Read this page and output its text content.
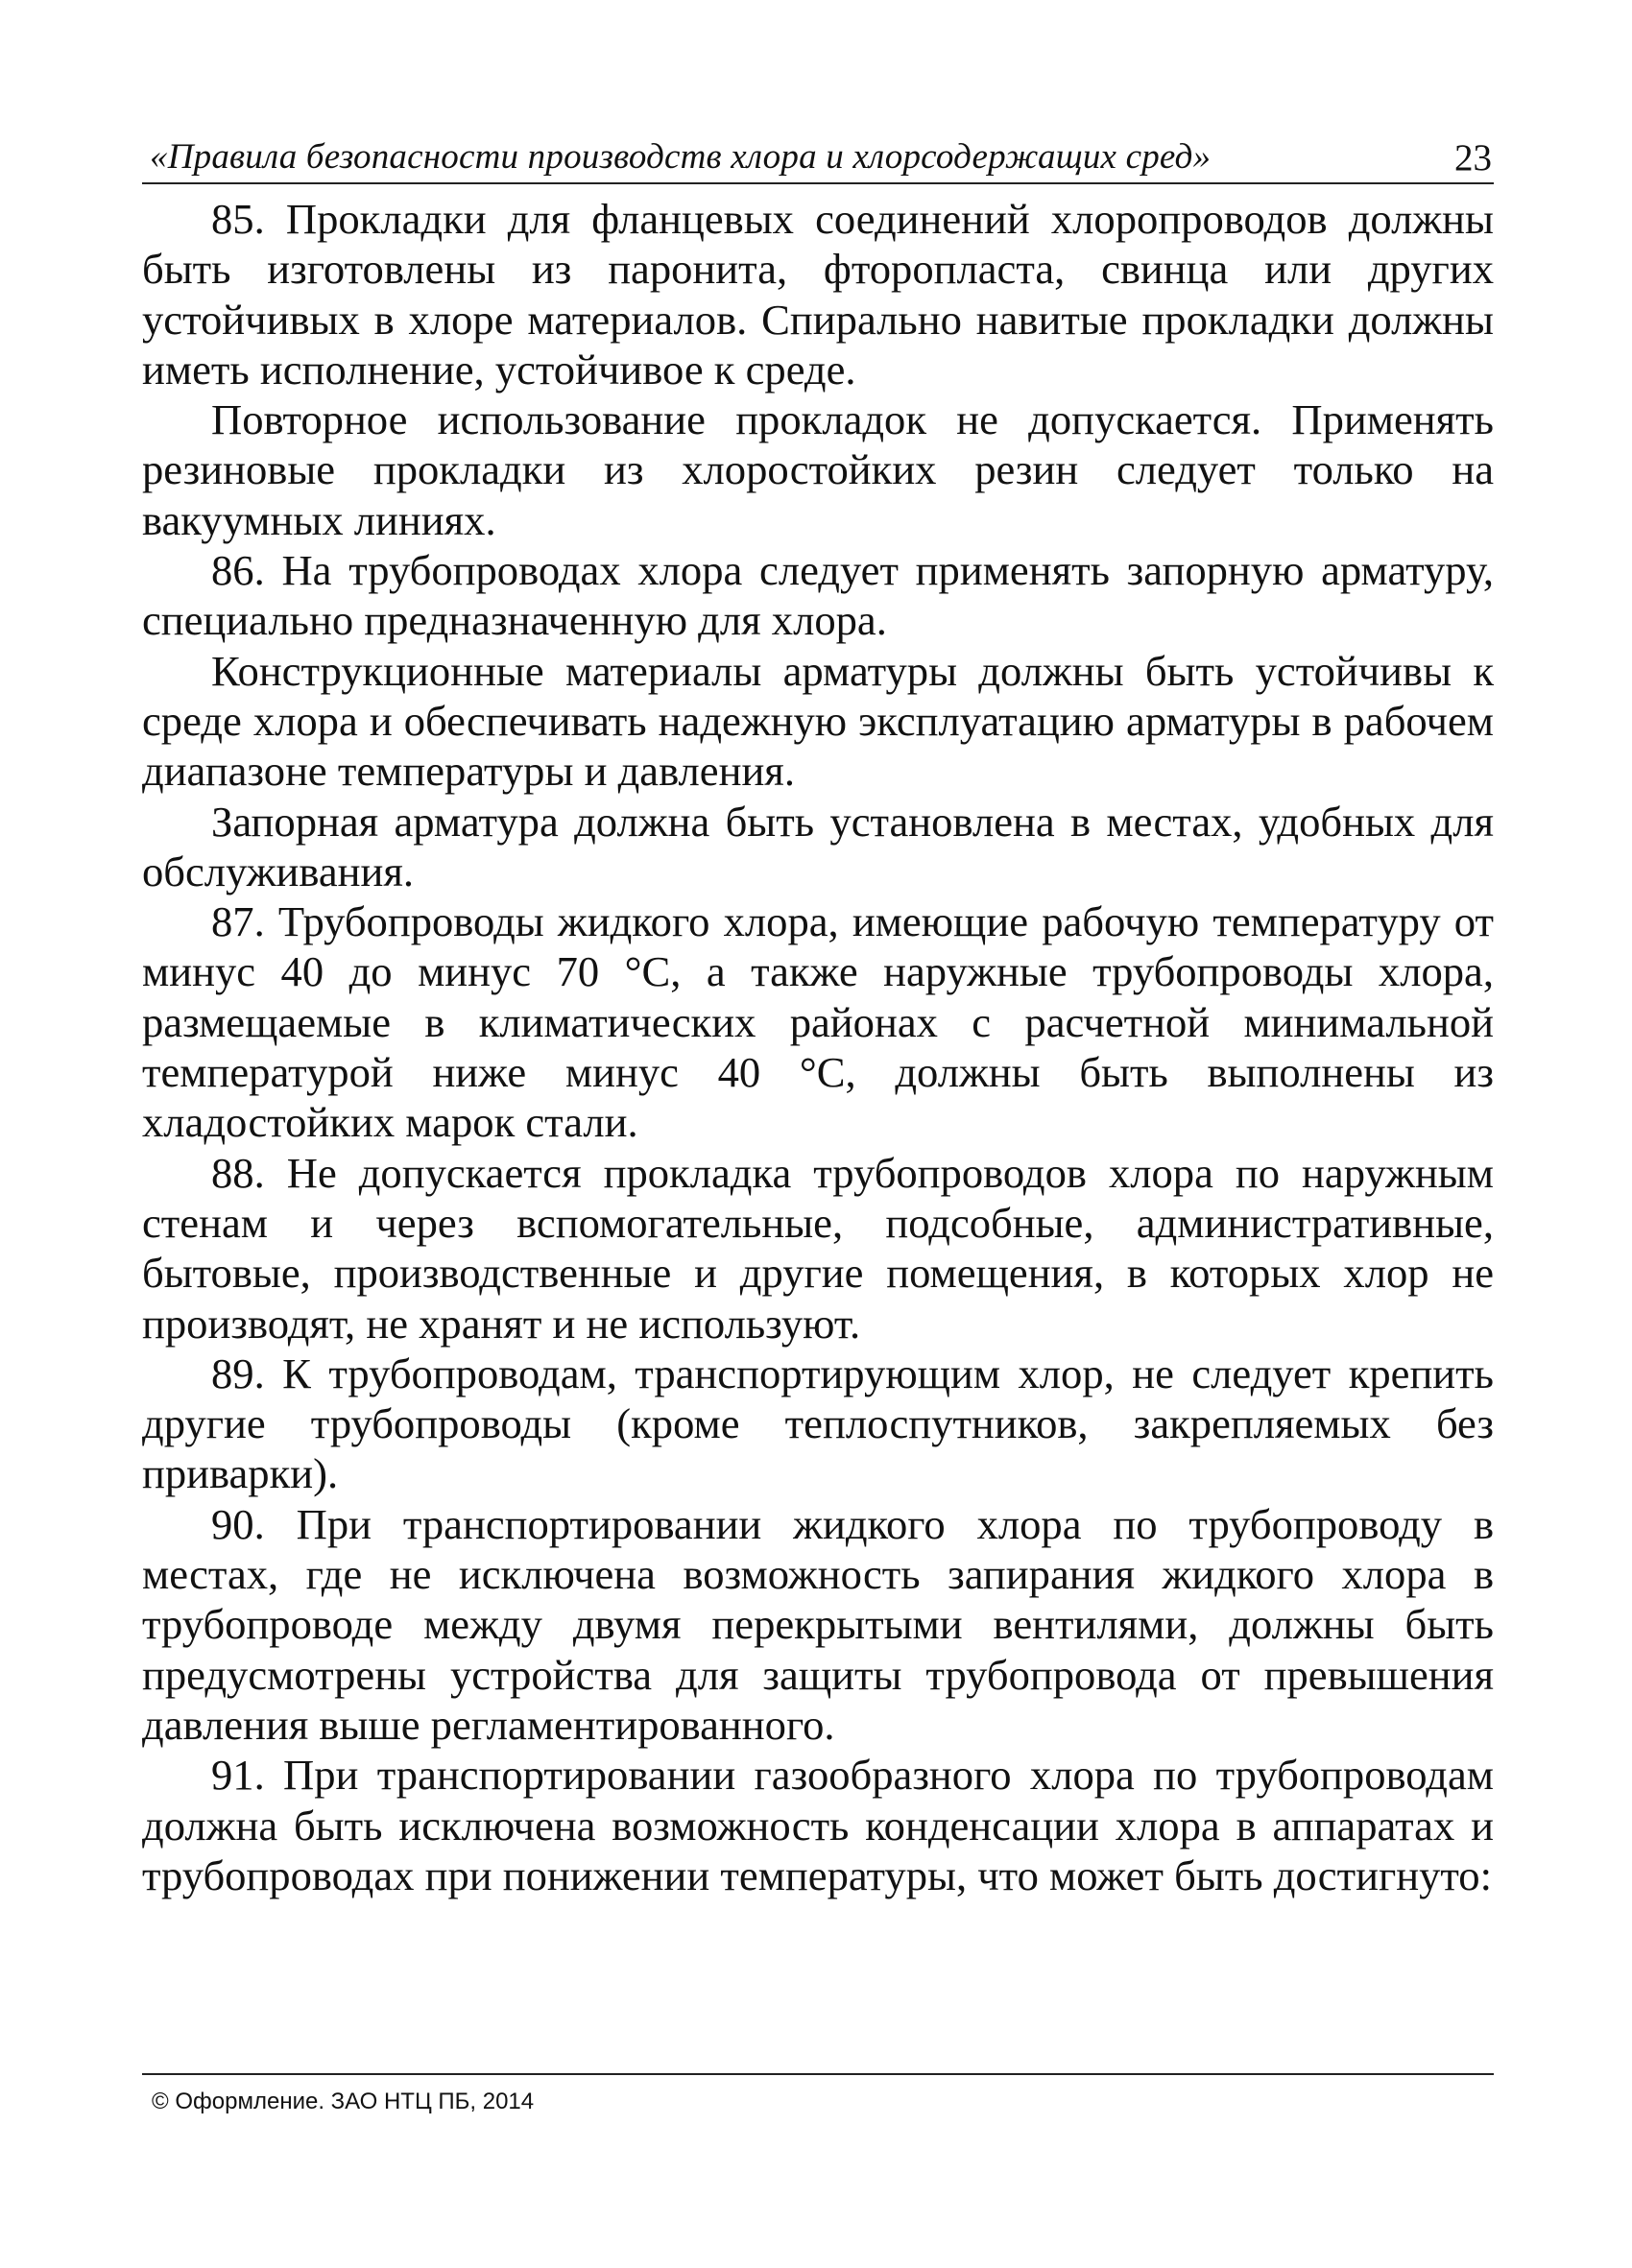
«Правила безопасности производств хлора и хлорсодержащих сред»	23

85. Прокладки для фланцевых соединений хлоропроводов должны быть изготовлены из паронита, фторопласта, свинца или других устойчивых в хлоре материалов. Спирально навитые прокладки должны иметь исполнение, устойчивое к среде.

Повторное использование прокладок не допускается. Применять резиновые прокладки из хлоростойких резин следует только на вакуумных линиях.

86. На трубопроводах хлора следует применять запорную арматуру, специально предназначенную для хлора.

Конструкционные материалы арматуры должны быть устойчивы к среде хлора и обеспечивать надежную эксплуатацию арматуры в рабочем диапазоне температуры и давления.

Запорная арматура должна быть установлена в местах, удобных для обслуживания.

87. Трубопроводы жидкого хлора, имеющие рабочую температуру от минус 40 до минус 70 °С, а также наружные трубопроводы хлора, размещаемые в климатических районах с расчетной минимальной температурой ниже минус 40 °С, должны быть выполнены из хладостойких марок стали.

88. Не допускается прокладка трубопроводов хлора по наружным стенам и через вспомогательные, подсобные, административные, бытовые, производственные и другие помещения, в которых хлор не производят, не хранят и не используют.

89. К трубопроводам, транспортирующим хлор, не следует крепить другие трубопроводы (кроме теплоспутников, закрепляемых без приварки).

90. При транспортировании жидкого хлора по трубопроводу в местах, где не исключена возможность запирания жидкого хлора в трубопроводе между двумя перекрытыми вентилями, должны быть предусмотрены устройства для защиты трубопровода от превышения давления выше регламентированного.

91. При транспортировании газообразного хлора по трубопроводам должна быть исключена возможность конденсации хлора в аппаратах и трубопроводах при понижении температуры, что может быть достигнуто:

© Оформление. ЗАО НТЦ ПБ, 2014
